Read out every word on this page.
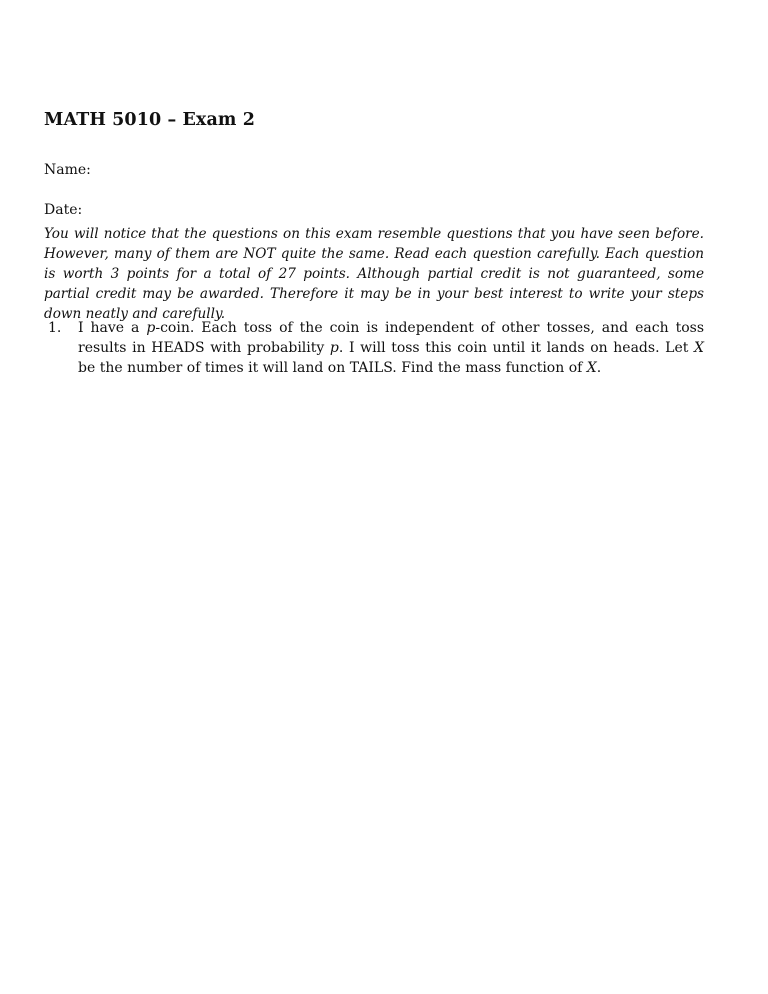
MATH 5010 – Exam 2
Name:
Date:
You will notice that the questions on this exam resemble questions that you have seen before. However, many of them are NOT quite the same. Read each question carefully. Each question is worth 3 points for a total of 27 points. Although partial credit is not guaranteed, some partial credit may be awarded. Therefore it may be in your best interest to write your steps down neatly and carefully.
1. I have a p-coin. Each toss of the coin is independent of other tosses, and each toss results in HEADS with probability p. I will toss this coin until it lands on heads. Let X be the number of times it will land on TAILS. Find the mass function of X.
